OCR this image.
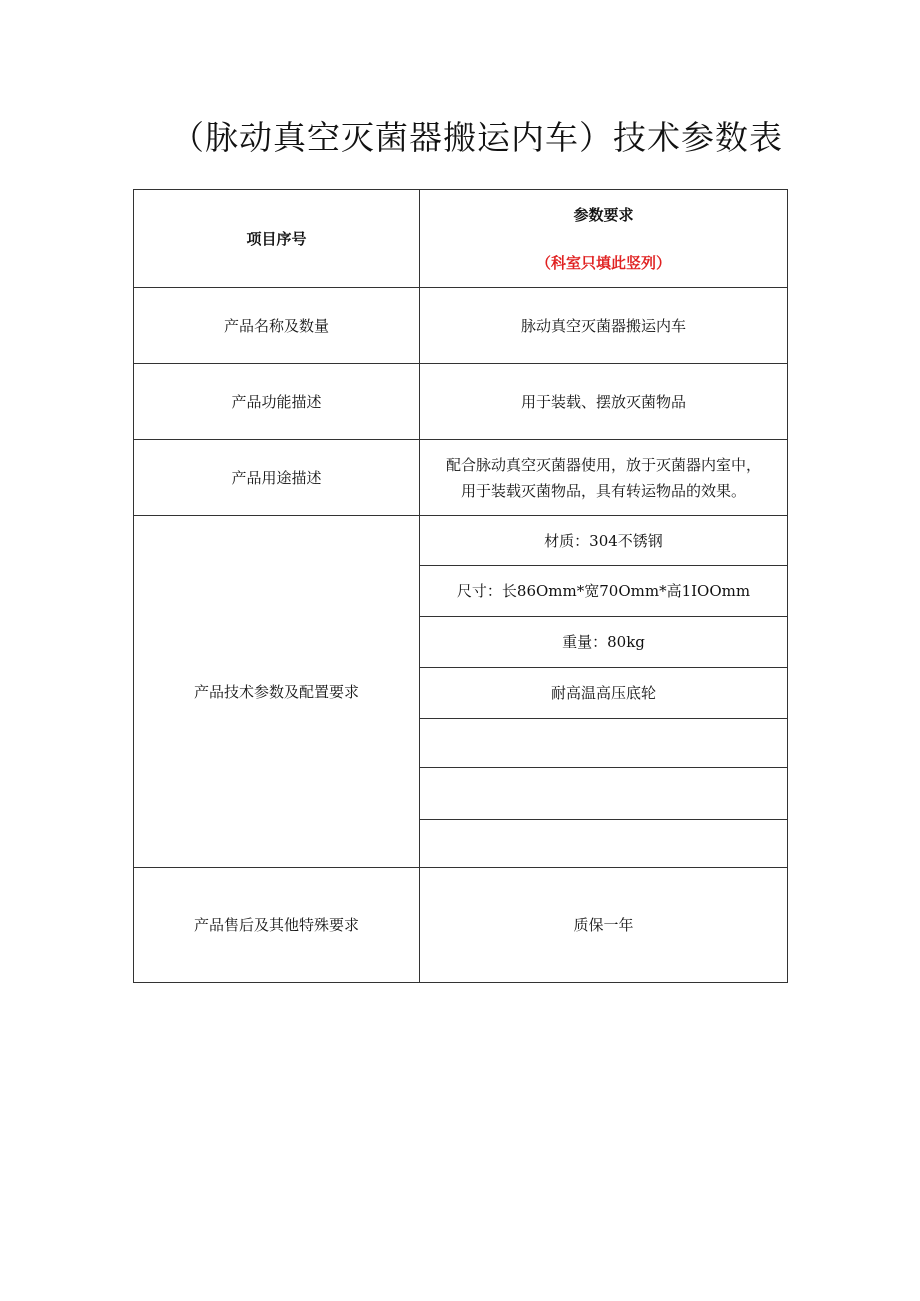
（脉动真空灭菌器搬运内车）技术参数表
项目序号	参数要求
（科室只填此竖列）

产品名称及数量	脉动真空灭菌器搬运内车
产品功能描述	用于装载、摆放灭菌物品
产品用途描述	配合脉动真空灭菌器使用，放于灭菌器内室中，
用于装载灭菌物品，具有转运物品的效果。

产品技术参数及配置要求	材质：304不锈钢
	尺寸：长86Omm*宽70Omm*高1IOOmm
	重量：80kg
	耐高温高压底轮

产品售后及其他特殊要求	质保一年
